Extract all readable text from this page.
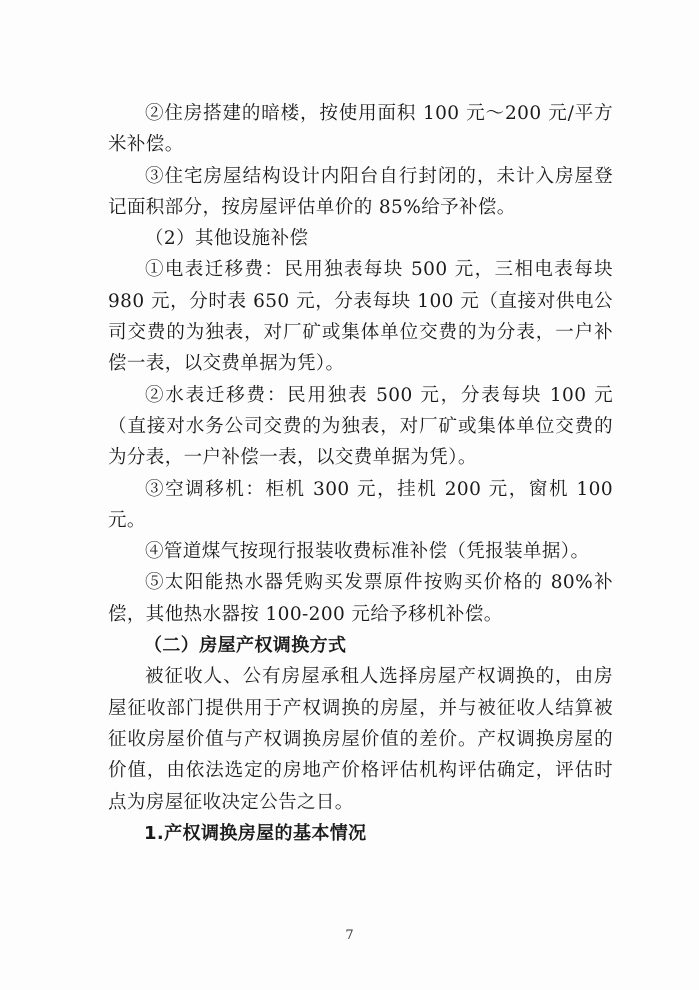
②住房搭建的暗楼，按使用面积 100 元～200 元/平方米补偿。

③住宅房屋结构设计内阳台自行封闭的，未计入房屋登记面积部分，按房屋评估单价的 85%给予补偿。

（2）其他设施补偿

①电表迁移费：民用独表每块 500 元，三相电表每块 980 元，分时表 650 元，分表每块 100 元（直接对供电公司交费的为独表，对厂矿或集体单位交费的为分表，一户补偿一表，以交费单据为凭）。

②水表迁移费：民用独表 500 元，分表每块 100 元（直接对水务公司交费的为独表，对厂矿或集体单位交费的为分表，一户补偿一表，以交费单据为凭）。

③空调移机：柜机 300 元，挂机 200 元，窗机 100 元。

④管道煤气按现行报装收费标准补偿（凭报装单据）。

⑤太阳能热水器凭购买发票原件按购买价格的 80%补偿，其他热水器按 100-200 元给予移机补偿。

（二）房屋产权调换方式

被征收人、公有房屋承租人选择房屋产权调换的，由房屋征收部门提供用于产权调换的房屋，并与被征收人结算被征收房屋价值与产权调换房屋价值的差价。产权调换房屋的价值，由依法选定的房地产价格评估机构评估确定，评估时点为房屋征收决定公告之日。

1.产权调换房屋的基本情况

7
